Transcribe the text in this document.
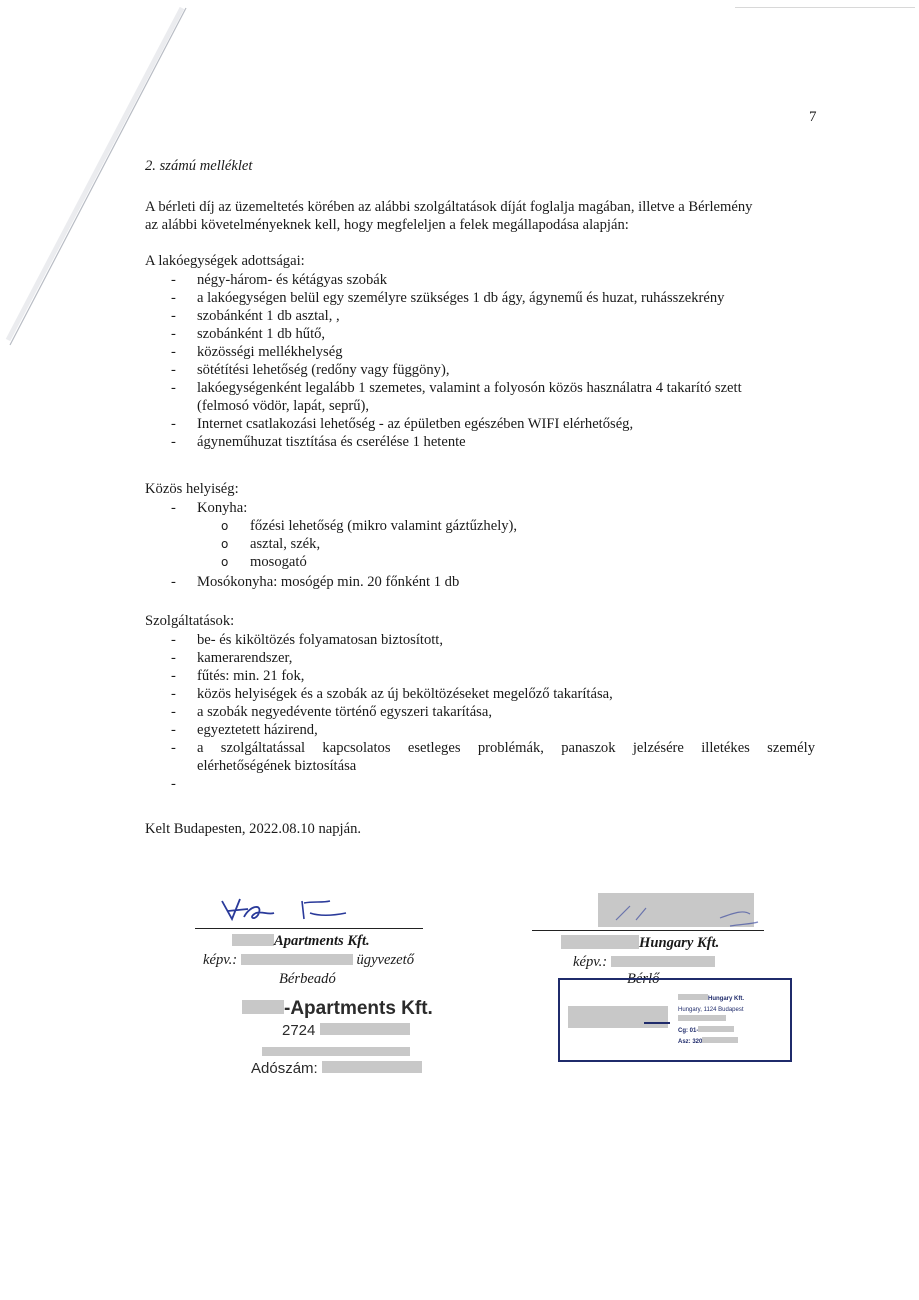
7
2. számú melléklet
A bérleti díj az üzemeltetés körében az alábbi szolgáltatások díját foglalja magában, illetve a Bérlemény
az alábbi követelményeknek kell, hogy megfeleljen a felek megállapodása alapján:
A lakóegységek adottságai:
- négy-három- és kétágyas szobák
- a lakóegységen belül egy személyre szükséges 1 db ágy, ágynemű és huzat, ruhásszekrény
- szobánként 1 db asztal, ,
- szobánként 1 db hűtő,
- közösségi mellékhelység
- sötétítési lehetőség (redőny vagy függöny),
- lakóegységenként legalább 1 szemetes, valamint a folyosón közös használatra 4 takarító szett
(felmosó vödör, lapát, seprű),
- Internet csatlakozási lehetőség - az épületben egészében WIFI elérhetőség,
- ágyneműhuzat tisztítása és cserélése 1 hetente
Közös helyiség:
- Konyha:
o főzési lehetőség (mikro valamint gáztűzhely),
o asztal, szék,
o mosogató
- Mosókonyha: mosógép min. 20 főnként 1 db
Szolgáltatások:
- be- és kiköltözés folyamatosan biztosított,
- kamerarendszer,
- fűtés: min. 21 fok,
- közös helyiségek és a szobák az új beköltözéseket megelőző takarítása,
- a szobák negyedévente történő egyszeri takarítása,
- egyeztetett házirend,
- a szolgáltatással kapcsolatos esetleges problémák, panaszok jelzésére illetékes személy
elérhetőségének biztosítása
-
Kelt Budapesten, 2022.08.10 napján.
Apartments Kft.
képv.:	ügyvezető
Bérbeadó
-Apartments Kft.
2724
Adószám:
Hungary Kft.
képv.:
Bérlő
Hungary Kft.
Hungary, 1124 Budapest
Cg: 01-
Asz: 320
